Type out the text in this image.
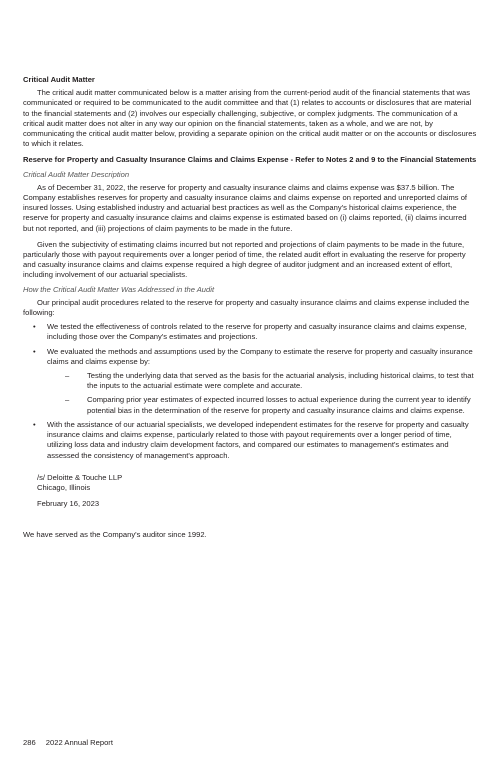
Critical Audit Matter

The critical audit matter communicated below is a matter arising from the current-period audit of the financial statements that was communicated or required to be communicated to the audit committee and that (1) relates to accounts or disclosures that are material to the financial statements and (2) involves our especially challenging, subjective, or complex judgments. The communication of a critical audit matter does not alter in any way our opinion on the financial statements, taken as a whole, and we are not, by communicating the critical audit matter below, providing a separate opinion on the critical audit matter or on the accounts or disclosures to which it relates.

Reserve for Property and Casualty Insurance Claims and Claims Expense - Refer to Notes 2 and 9 to the Financial Statements

Critical Audit Matter Description

As of December 31, 2022, the reserve for property and casualty insurance claims and claims expense was $37.5 billion. The Company establishes reserves for property and casualty insurance claims and claims expense on reported and unreported claims of insured losses. Using established industry and actuarial best practices as well as the Company's historical claims experience, the reserve for property and casualty insurance claims and claims expense is estimated based on (i) claims reported, (ii) claims incurred but not reported, and (iii) projections of claim payments to be made in the future.

Given the subjectivity of estimating claims incurred but not reported and projections of claim payments to be made in the future, particularly those with payout requirements over a longer period of time, the related audit effort in evaluating the reserve for property and casualty insurance claims and claims expense required a high degree of auditor judgment and an increased extent of effort, including involvement of our actuarial specialists.

How the Critical Audit Matter Was Addressed in the Audit

Our principal audit procedures related to the reserve for property and casualty insurance claims and claims expense included the following:

• We tested the effectiveness of controls related to the reserve for property and casualty insurance claims and claims expense, including those over the Company's estimates and projections.
• We evaluated the methods and assumptions used by the Company to estimate the reserve for property and casualty insurance claims and claims expense by:
– Testing the underlying data that served as the basis for the actuarial analysis, including historical claims, to test that the inputs to the actuarial estimate were complete and accurate.
– Comparing prior year estimates of expected incurred losses to actual experience during the current year to identify potential bias in the determination of the reserve for property and casualty insurance claims and claims expense.
• With the assistance of our actuarial specialists, we developed independent estimates for the reserve for property and casualty insurance claims and claims expense, particularly related to those with payout requirements over a longer period of time, utilizing loss data and industry claim development factors, and compared our estimates to management's estimates and assessed the consistency of management's approach.

/s/ Deloitte & Touche LLP

Chicago, Illinois

February 16, 2023

We have served as the Company's auditor since 1992.

286 2022 Annual Report
